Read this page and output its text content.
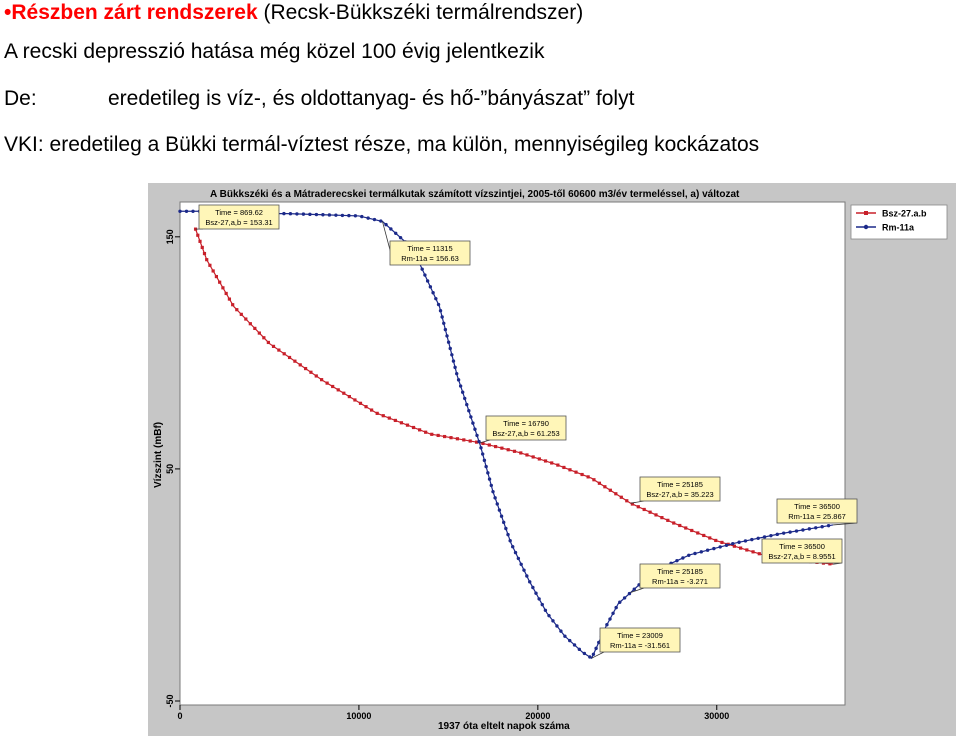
•Részben zárt rendszerek (Recsk-Bükkszéki termálrendszer)
A recski depresszió hatása még közel 100 évig jelentkezik
De:	eredetileg is víz-, és oldottanyag- és hő-”bányászat” folyt
VKI: eredetileg a Bükki termál-víztest része, ma külön, mennyiségileg kockázatos
A Bükkszéki és a Mátraderecskei termálkutak számított vízszintjei, 2005-től 60600 m3/év termeléssel, a) változat
1937 óta eltelt napok száma
Vízszint (mBf)
0	10000	20000	30000
-50
50
150
Time = 869.62
Bsz-27,a,b = 153.31
Time = 11315
Rm-11a = 156.63
Time = 16790
Bsz-27,a,b = 61.253
Time = 25185
Bsz-27,a,b = 35.223
Time = 36500
Rm-11a = 25.867
Time = 36500
Bsz-27,a,b = 8.9551
Time = 25185
Rm-11a = -3.271
Time = 23009
Rm-11a = -31.561
Bsz-27.a.b
Rm-11a
